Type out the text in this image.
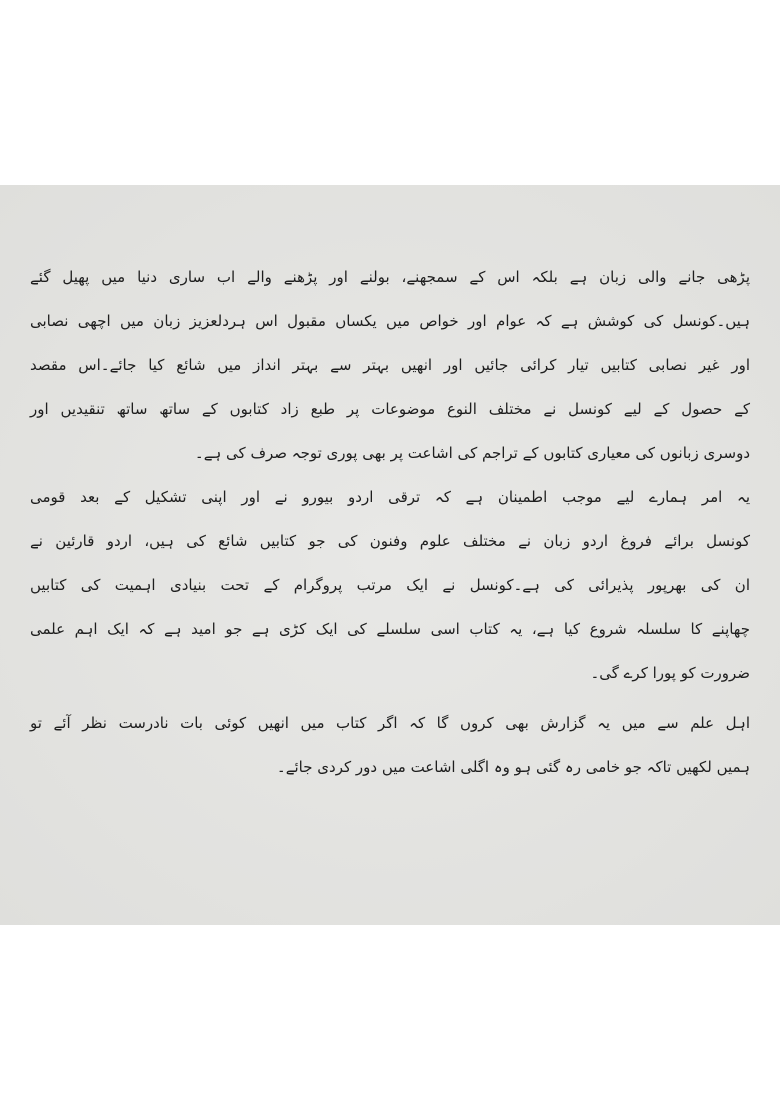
پڑھی جانے والی زبان ہے بلکہ اس کے سمجھنے، بولنے اور پڑھنے والے اب ساری دنیا میں پھیل گئے
ہیں۔کونسل کی کوشش ہے کہ عوام اور خواص میں یکساں مقبول اس ہردلعزیز زبان میں اچھی نصابی
اور غیر نصابی کتابیں تیار کرائی جائیں اور انھیں بہتر سے بہتر انداز میں شائع کیا جائے۔اس مقصد
کے حصول کے لیے کونسل نے مختلف النوع موضوعات پر طبع زاد کتابوں کے ساتھ ساتھ تنقیدیں اور
دوسری زبانوں کی معیاری کتابوں کے تراجم کی اشاعت پر بھی پوری توجہ صرف کی ہے۔
یہ امر ہمارے لیے موجب اطمینان ہے کہ ترقی اردو بیورو نے اور اپنی تشکیل کے بعد قومی
کونسل برائے فروغ اردو زبان نے مختلف علوم وفنون کی جو کتابیں شائع کی ہیں، اردو قارئین نے
ان کی بھرپور پذیرائی کی ہے۔کونسل نے ایک مرتب پروگرام کے تحت بنیادی اہمیت کی کتابیں
چھاپنے کا سلسلہ شروع کیا ہے، یہ کتاب اسی سلسلے کی ایک کڑی ہے جو امید ہے کہ ایک اہم علمی
ضرورت کو پورا کرے گی۔
اہل علم سے میں یہ گزارش بھی کروں گا کہ اگر کتاب میں انھیں کوئی بات نادرست نظر آئے تو
ہمیں لکھیں تاکہ جو خامی رہ گئی ہو وہ اگلی اشاعت میں دور کردی جائے۔
